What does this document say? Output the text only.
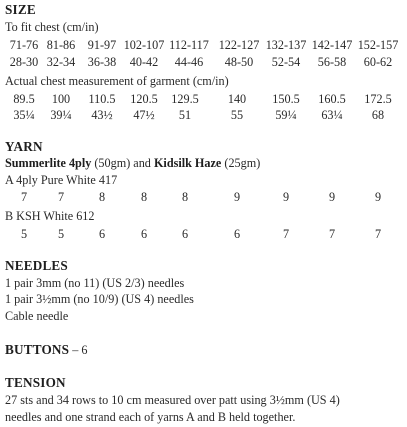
SIZE
To fit chest (cm/in)
71-76 81-86	91-97 102-107 112-117 122-127 132-137 142-147 152-157
28-30 32-34	36-38	40-42	44-46	48-50	52-54	56-58	60-62
Actual chest measurement of garment (cm/in)
89.5	100	110.5	120.5	129.5	140	150.5	160.5	172.5
35¼	39¼	43½	47½	51	55	59¼	63¼	68
YARN
Summerlite 4ply (50gm) and Kidsilk Haze (25gm)
A 4ply Pure White 417
7	7	8	8	8	9	9	9	9
B KSH White 612
5	5	6	6	6	6	7	7	7
NEEDLES
1 pair 3mm (no 11) (US 2/3) needles
1 pair 3½mm (no 10/9) (US 4) needles
Cable needle
BUTTONS – 6
TENSION
27 sts and 34 rows to 10 cm measured over patt using 3½mm (US 4)
needles and one strand each of yarns A and B held together.
